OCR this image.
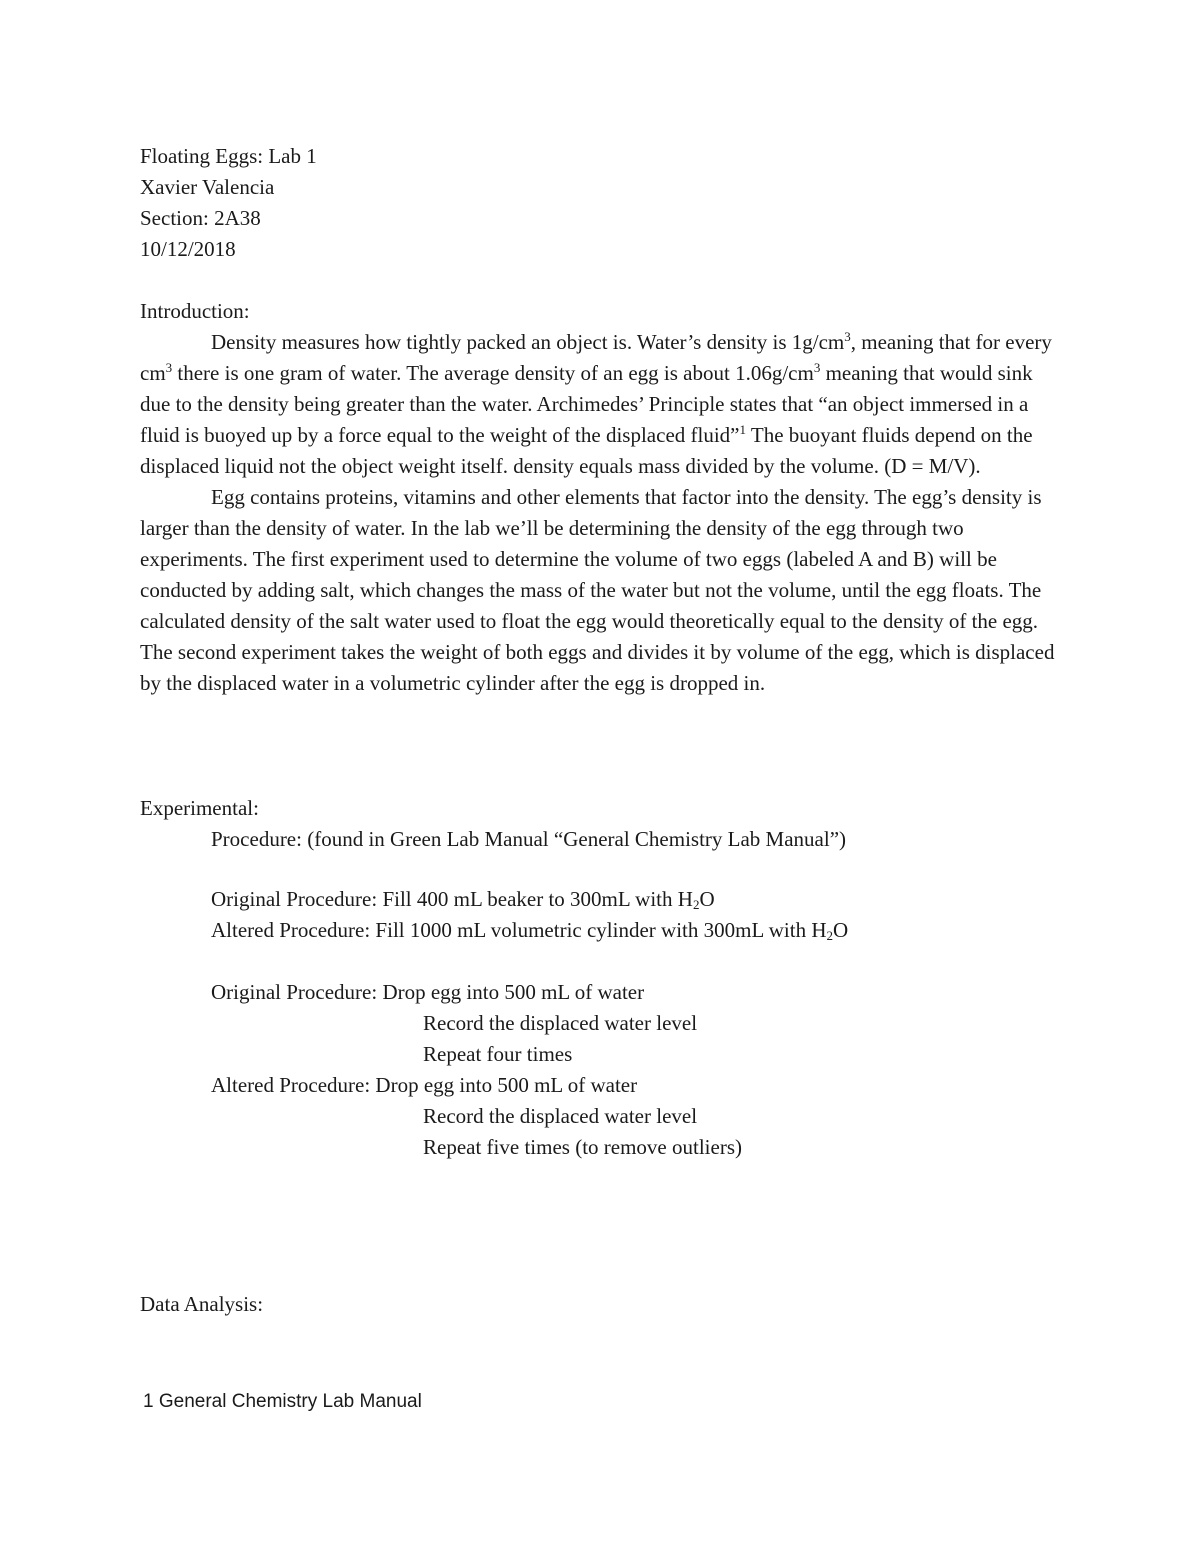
Floating Eggs: Lab 1
Xavier Valencia
Section: 2A38
10/12/2018
Introduction:

Density measures how tightly packed an object is. Water’s density is $1g/cm^3$, meaning that for every $cm^3$ there is one gram of water. The average density of an egg is about $1.06g/cm^3$ meaning that would sink due to the density being greater than the water. Archimedes’ Principle states that “an object immersed in a fluid is buoyed up by a force equal to the weight of the displaced fluid”$^1$ The buoyant fluids depend on the displaced liquid not the object weight itself. density equals mass divided by the volume. (D = M/V).

Egg contains proteins, vitamins and other elements that factor into the density. The egg’s density is larger than the density of water. In the lab we’ll be determining the density of the egg through two experiments. The first experiment used to determine the volume of two eggs (labeled A and B) will be conducted by adding salt, which changes the mass of the water but not the volume, until the egg floats. The calculated density of the salt water used to float the egg would theoretically equal to the density of the egg. The second experiment takes the weight of both eggs and divides it by volume of the egg, which is displaced by the displaced water in a volumetric cylinder after the egg is dropped in.

Experimental:
Procedure: (found in Green Lab Manual “General Chemistry Lab Manual”)
Original Procedure: Fill 400 mL beaker to 300mL with $H_2O$
Altered Procedure: Fill 1000 mL volumetric cylinder with 300mL with $H_2O$
Original Procedure: Drop egg into 500 mL of water
Record the displaced water level
Repeat four times
Altered Procedure: Drop egg into 500 mL of water
Record the displaced water level
Repeat five times (to remove outliers)
Data Analysis:
1 General Chemistry Lab Manual
